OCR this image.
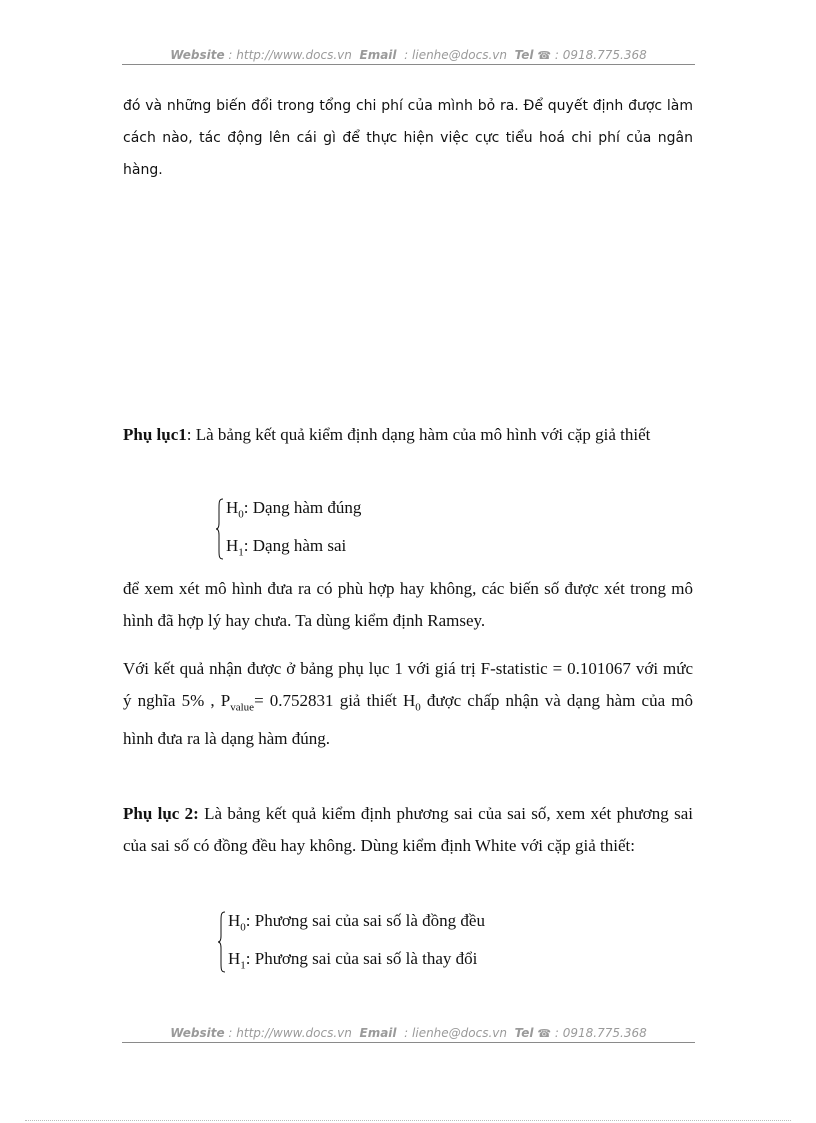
Website : http://www.docs.vn Email : lienhe@docs.vn Tel ☎ : 0918.775.368
đó và những biến đổi trong tổng chi phí của mình bỏ ra. Để quyết định được làm cách nào, tác động lên cái gì để thực hiện việc cực tiểu hoá chi phí của ngân hàng.
Phụ lục1: Là bảng kết quả kiểm định dạng hàm của mô hình với cặp giả thiết
$H_0$: Dạng hàm đúng
$H_1$: Dạng hàm sai
để xem xét mô hình đưa ra có phù hợp hay không, các biến số được xét trong mô hình đã hợp lý hay chưa. Ta dùng kiểm định Ramsey.
Với kết quả nhận được ở bảng phụ lục 1 với giá trị F-statistic = 0.101067 với mức ý nghĩa 5% , $P_{value}= 0.752831$ giả thiết $H_0$ được chấp nhận và dạng hàm của mô hình đưa ra là dạng hàm đúng.
Phụ lục 2: Là bảng kết quả kiểm định phương sai của sai số, xem xét phương sai của sai số có đồng đều hay không. Dùng kiểm định White với cặp giả thiết:
$H_0$: Phương sai của sai số là đồng đều
$H_1$: Phương sai của sai số là thay đổi
Website : http://www.docs.vn Email : lienhe@docs.vn Tel ☎ : 0918.775.368
